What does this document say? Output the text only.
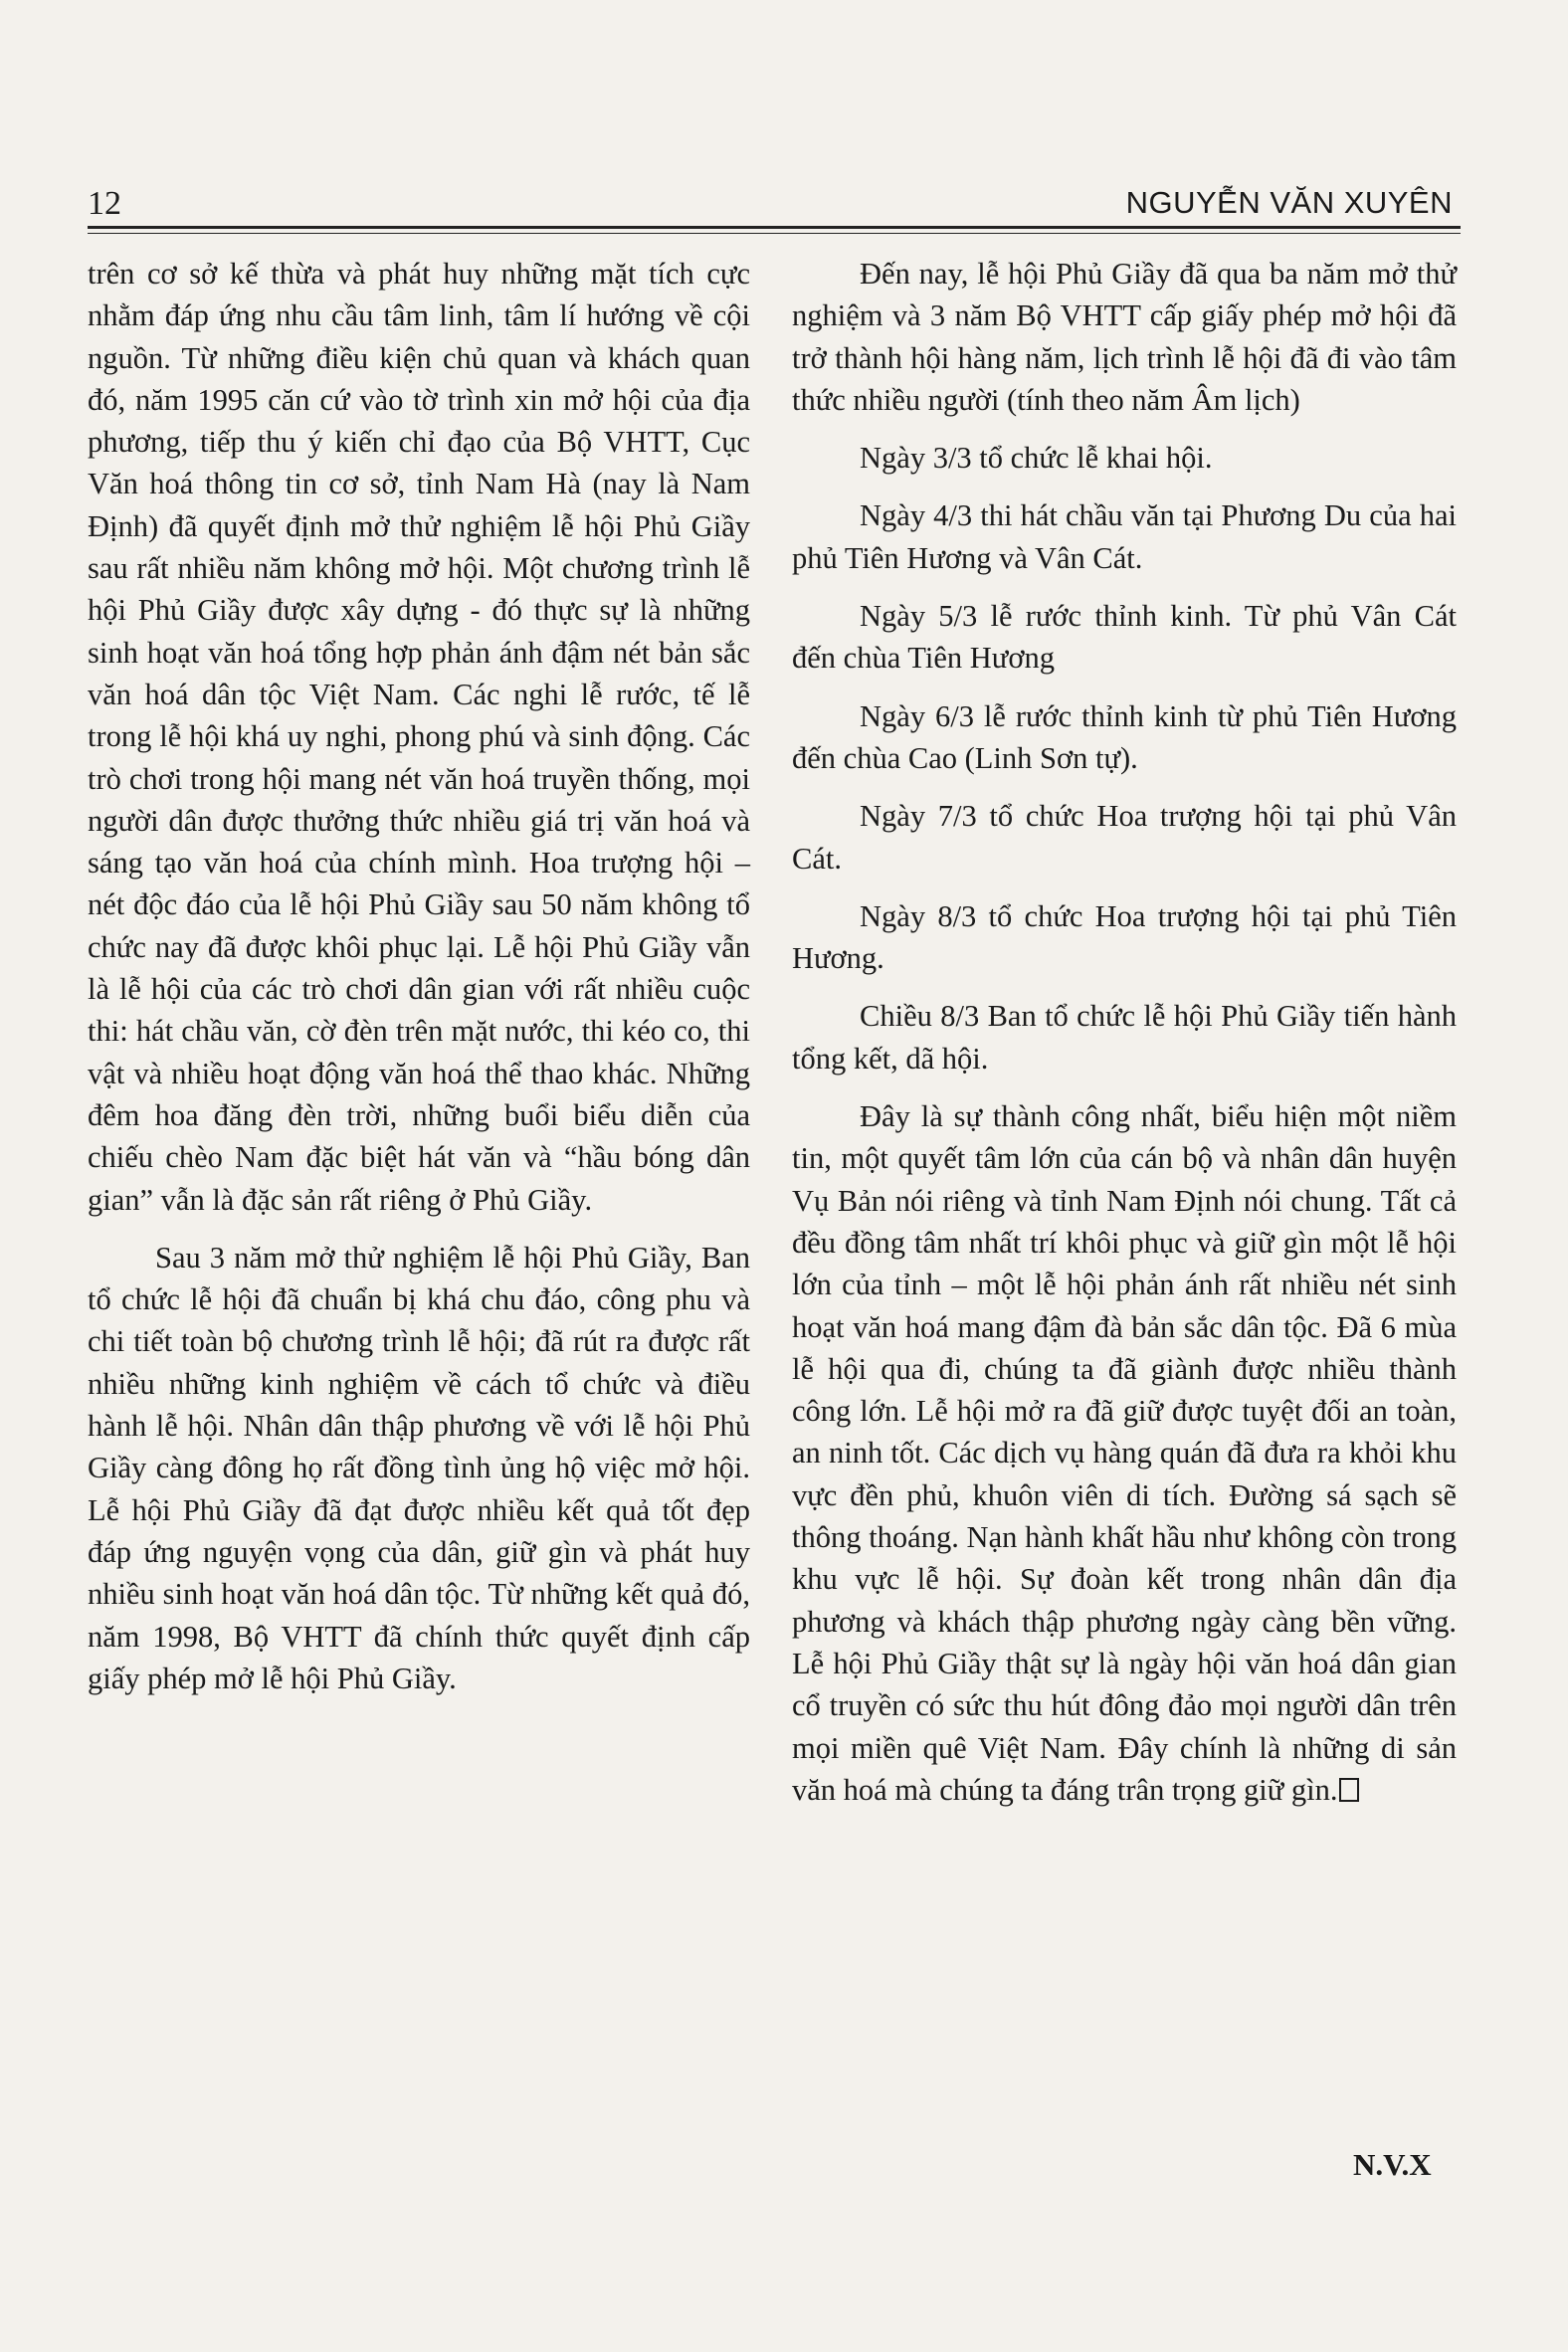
12	NGUYỄN VĂN XUYÊN

trên cơ sở kế thừa và phát huy những mặt tích cực nhằm đáp ứng nhu cầu tâm linh, tâm lí hướng về cội nguồn. Từ những điều kiện chủ quan và khách quan đó, năm 1995 căn cứ vào tờ trình xin mở hội của địa phương, tiếp thu ý kiến chỉ đạo của Bộ VHTT, Cục Văn hoá thông tin cơ sở, tỉnh Nam Hà (nay là Nam Định) đã quyết định mở thử nghiệm lễ hội Phủ Giầy sau rất nhiều năm không mở hội. Một chương trình lễ hội Phủ Giầy được xây dựng - đó thực sự là những sinh hoạt văn hoá tổng hợp phản ánh đậm nét bản sắc văn hoá dân tộc Việt Nam. Các nghi lễ rước, tế lễ trong lễ hội khá uy nghi, phong phú và sinh động. Các trò chơi trong hội mang nét văn hoá truyền thống, mọi người dân được thưởng thức nhiều giá trị văn hoá và sáng tạo văn hoá của chính mình. Hoa trượng hội – nét độc đáo của lễ hội Phủ Giầy sau 50 năm không tổ chức nay đã được khôi phục lại. Lễ hội Phủ Giầy vẫn là lễ hội của các trò chơi dân gian với rất nhiều cuộc thi: hát chầu văn, cờ đèn trên mặt nước, thi kéo co, thi vật và nhiều hoạt động văn hoá thể thao khác. Những đêm hoa đăng đèn trời, những buổi biểu diễn của chiếu chèo Nam đặc biệt hát văn và “hầu bóng dân gian” vẫn là đặc sản rất riêng ở Phủ Giầy.

Sau 3 năm mở thử nghiệm lễ hội Phủ Giầy, Ban tổ chức lễ hội đã chuẩn bị khá chu đáo, công phu và chi tiết toàn bộ chương trình lễ hội; đã rút ra được rất nhiều những kinh nghiệm về cách tổ chức và điều hành lễ hội. Nhân dân thập phương về với lễ hội Phủ Giầy càng đông họ rất đồng tình ủng hộ việc mở hội. Lễ hội Phủ Giầy đã đạt được nhiều kết quả tốt đẹp đáp ứng nguyện vọng của dân, giữ gìn và phát huy nhiều sinh hoạt văn hoá dân tộc. Từ những kết quả đó, năm 1998, Bộ VHTT đã chính thức quyết định cấp giấy phép mở lễ hội Phủ Giầy.

Đến nay, lễ hội Phủ Giầy đã qua ba năm mở thử nghiệm và 3 năm Bộ VHTT cấp giấy phép mở hội đã trở thành hội hàng năm, lịch trình lễ hội đã đi vào tâm thức nhiều người (tính theo năm Âm lịch)

Ngày 3/3 tổ chức lễ khai hội.

Ngày 4/3 thi hát chầu văn tại Phương Du của hai phủ Tiên Hương và Vân Cát.

Ngày 5/3 lễ rước thỉnh kinh. Từ phủ Vân Cát đến chùa Tiên Hương

Ngày 6/3 lễ rước thỉnh kinh từ phủ Tiên Hương đến chùa Cao (Linh Sơn tự).

Ngày 7/3 tổ chức Hoa trượng hội tại phủ Vân Cát.

Ngày 8/3 tổ chức Hoa trượng hội tại phủ Tiên Hương.

Chiều 8/3 Ban tổ chức lễ hội Phủ Giầy tiến hành tổng kết, dã hội.

Đây là sự thành công nhất, biểu hiện một niềm tin, một quyết tâm lớn của cán bộ và nhân dân huyện Vụ Bản nói riêng và tỉnh Nam Định nói chung. Tất cả đều đồng tâm nhất trí khôi phục và giữ gìn một lễ hội lớn của tỉnh – một lễ hội phản ánh rất nhiều nét sinh hoạt văn hoá mang đậm đà bản sắc dân tộc. Đã 6 mùa lễ hội qua đi, chúng ta đã giành được nhiều thành công lớn. Lễ hội mở ra đã giữ được tuyệt đối an toàn, an ninh tốt. Các dịch vụ hàng quán đã đưa ra khỏi khu vực đền phủ, khuôn viên di tích. Đường sá sạch sẽ thông thoáng. Nạn hành khất hầu như không còn trong khu vực lễ hội. Sự đoàn kết trong nhân dân địa phương và khách thập phương ngày càng bền vững. Lễ hội Phủ Giầy thật sự là ngày hội văn hoá dân gian cổ truyền có sức thu hút đông đảo mọi người dân trên mọi miền quê Việt Nam. Đây chính là những di sản văn hoá mà chúng ta đáng trân trọng giữ gìn.

N.V.X
